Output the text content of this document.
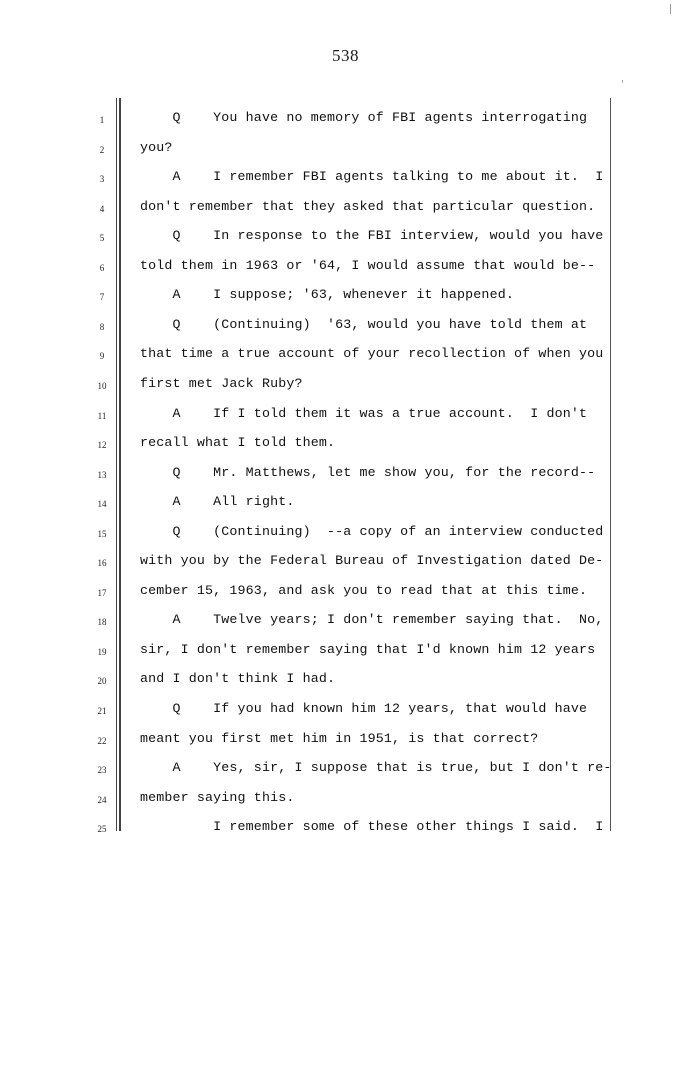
538
1	Q    You have no memory of FBI agents interrogating
2	you?
3	A    I remember FBI agents talking to me about it.  I
4	don't remember that they asked that particular question.
5	Q    In response to the FBI interview, would you have
6	told them in 1963 or '64, I would assume that would be--
7	A    I suppose; '63, whenever it happened.
8	Q    (Continuing)  '63, would you have told them at
9	that time a true account of your recollection of when you
10	first met Jack Ruby?
11	A    If I told them it was a true account.  I don't
12	recall what I told them.
13	Q    Mr. Matthews, let me show you, for the record--
14	A    All right.
15	Q    (Continuing)  --a copy of an interview conducted
16	with you by the Federal Bureau of Investigation dated De-
17	cember 15, 1963, and ask you to read that at this time.
18	A    Twelve years; I don't remember saying that.  No,
19	sir, I don't remember saying that I'd known him 12 years
20	and I don't think I had.
21	Q    If you had known him 12 years, that would have
22	meant you first met him in 1951, is that correct?
23	A    Yes, sir, I suppose that is true, but I don't re-
24	member saying this.
25	I remember some of these other things I said.  I
